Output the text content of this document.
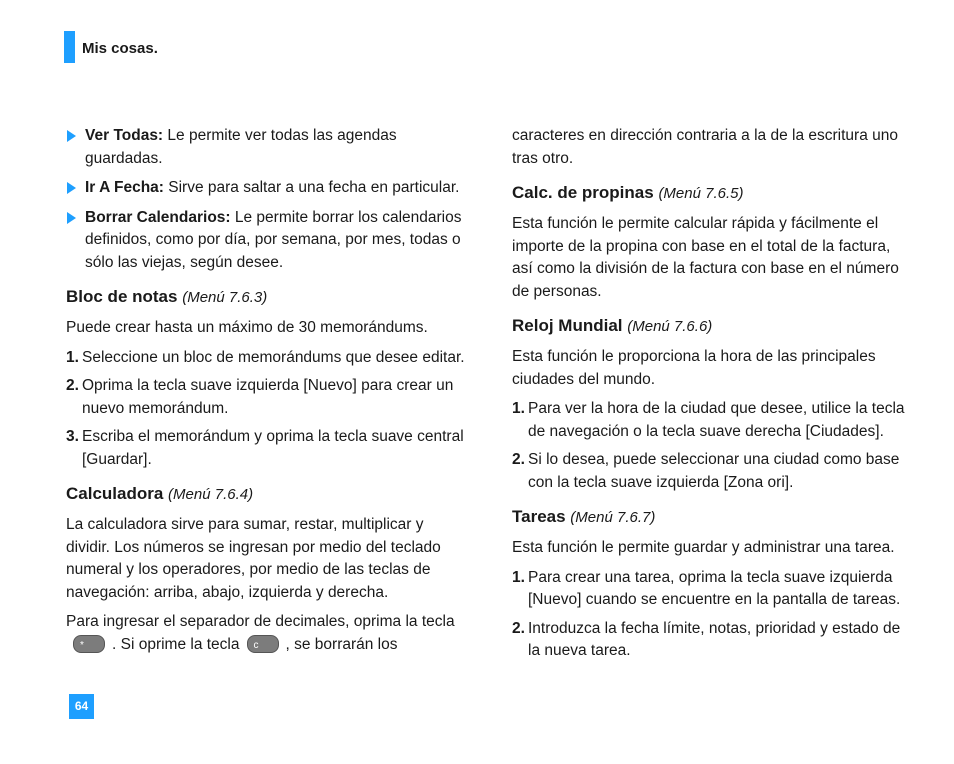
Mis cosas.
Ver Todas: Le permite ver todas las agendas guardadas.
Ir A Fecha: Sirve para saltar a una fecha en particular.
Borrar Calendarios: Le permite borrar los calendarios definidos, como por día, por semana, por mes, todas o sólo las viejas, según desee.
Bloc de notas (Menú 7.6.3)

Puede crear hasta un máximo de 30 memorándums.

1. Seleccione un bloc de memorándums que desee editar.
2. Oprima la tecla suave izquierda [Nuevo] para crear un nuevo memorándum.
3. Escriba el memorándum y oprima la tecla suave central [Guardar].
Calculadora (Menú 7.6.4)

La calculadora sirve para sumar, restar, multiplicar y dividir. Los números se ingresan por medio del teclado numeral y los operadores, por medio de las teclas de navegación: arriba, abajo, izquierda y derecha.

Para ingresar el separador de decimales, oprima la tecla
* . Si oprime la tecla c , se borrarán los

caracteres en dirección contraria a la de la escritura uno tras otro.

Calc. de propinas (Menú 7.6.5)

Esta función le permite calcular rápida y fácilmente el importe de la propina con base en el total de la factura, así como la división de la factura con base en el número de personas.

Reloj Mundial (Menú 7.6.6)

Esta función le proporciona la hora de las principales ciudades del mundo.

1. Para ver la hora de la ciudad que desee, utilice la tecla de navegación o la tecla suave derecha [Ciudades].
2. Si lo desea, puede seleccionar una ciudad como base con la tecla suave izquierda [Zona ori].
Tareas (Menú 7.6.7)

Esta función le permite guardar y administrar una tarea.

1. Para crear una tarea, oprima la tecla suave izquierda [Nuevo] cuando se encuentre en la pantalla de tareas.
2. Introduzca la fecha límite, notas, prioridad y estado de la nueva tarea.
64
